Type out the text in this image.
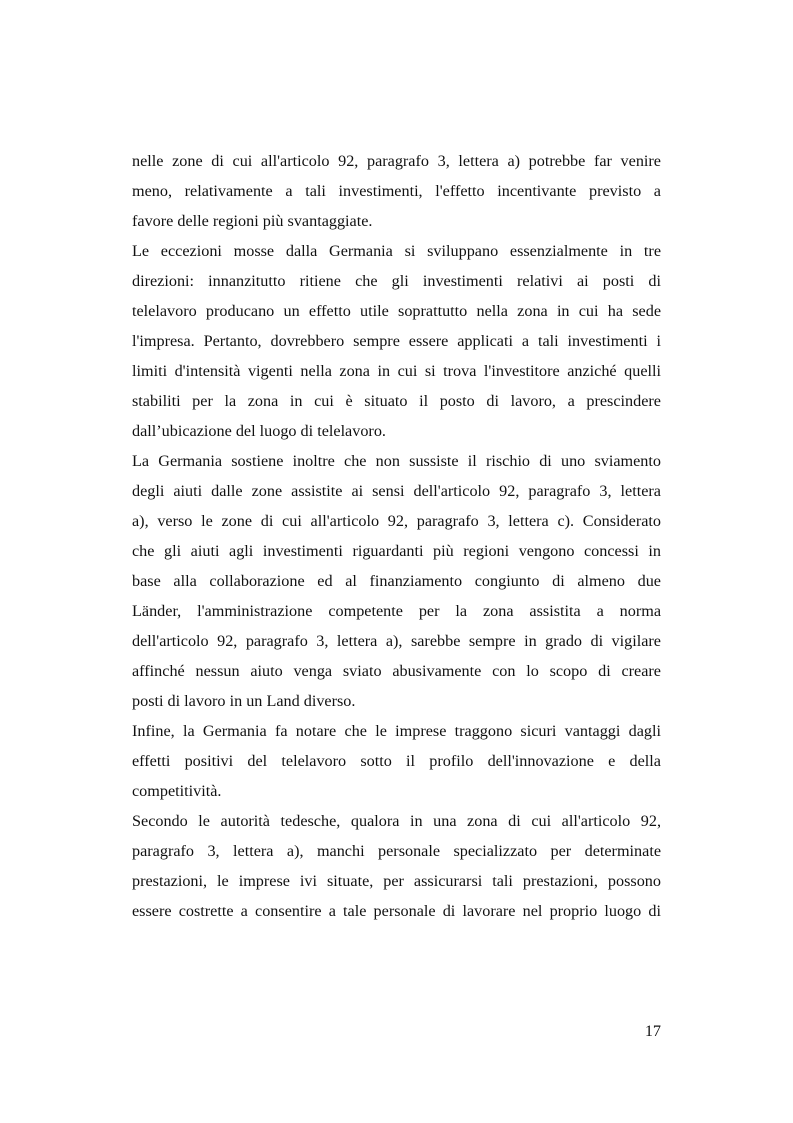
nelle zone di cui all'articolo 92, paragrafo 3, lettera a) potrebbe far venire
meno, relativamente a tali investimenti, l'effetto incentivante previsto a
favore delle regioni più svantaggiate.
Le eccezioni mosse dalla Germania si sviluppano essenzialmente in tre
direzioni: innanzitutto ritiene che gli investimenti relativi ai posti di
telelavoro producano un effetto utile soprattutto nella zona in cui ha sede
l'impresa. Pertanto, dovrebbero sempre essere applicati a tali investimenti i
limiti d'intensità vigenti nella zona in cui si trova l'investitore anziché quelli
stabiliti per la zona in cui è situato il posto di lavoro, a prescindere
dall’ubicazione del luogo di telelavoro.
La Germania sostiene inoltre che non sussiste il rischio di uno sviamento
degli aiuti dalle zone assistite ai sensi dell'articolo 92, paragrafo 3, lettera
a), verso le zone di cui all'articolo 92, paragrafo 3, lettera c). Considerato
che gli aiuti agli investimenti riguardanti più regioni vengono concessi in
base alla collaborazione ed al finanziamento congiunto di almeno due
Länder, l'amministrazione competente per la zona assistita a norma
dell'articolo 92, paragrafo 3, lettera a), sarebbe sempre in grado di vigilare
affinché nessun aiuto venga sviato abusivamente con lo scopo di creare
posti di lavoro in un Land diverso.
Infine, la Germania fa notare che le imprese traggono sicuri vantaggi dagli
effetti positivi del telelavoro sotto il profilo dell'innovazione e della
competitività.
Secondo le autorità tedesche, qualora in una zona di cui all'articolo 92,
paragrafo 3, lettera a), manchi personale specializzato per determinate
prestazioni, le imprese ivi situate, per assicurarsi tali prestazioni, possono
essere costrette a consentire a tale personale di lavorare nel proprio luogo di
17
